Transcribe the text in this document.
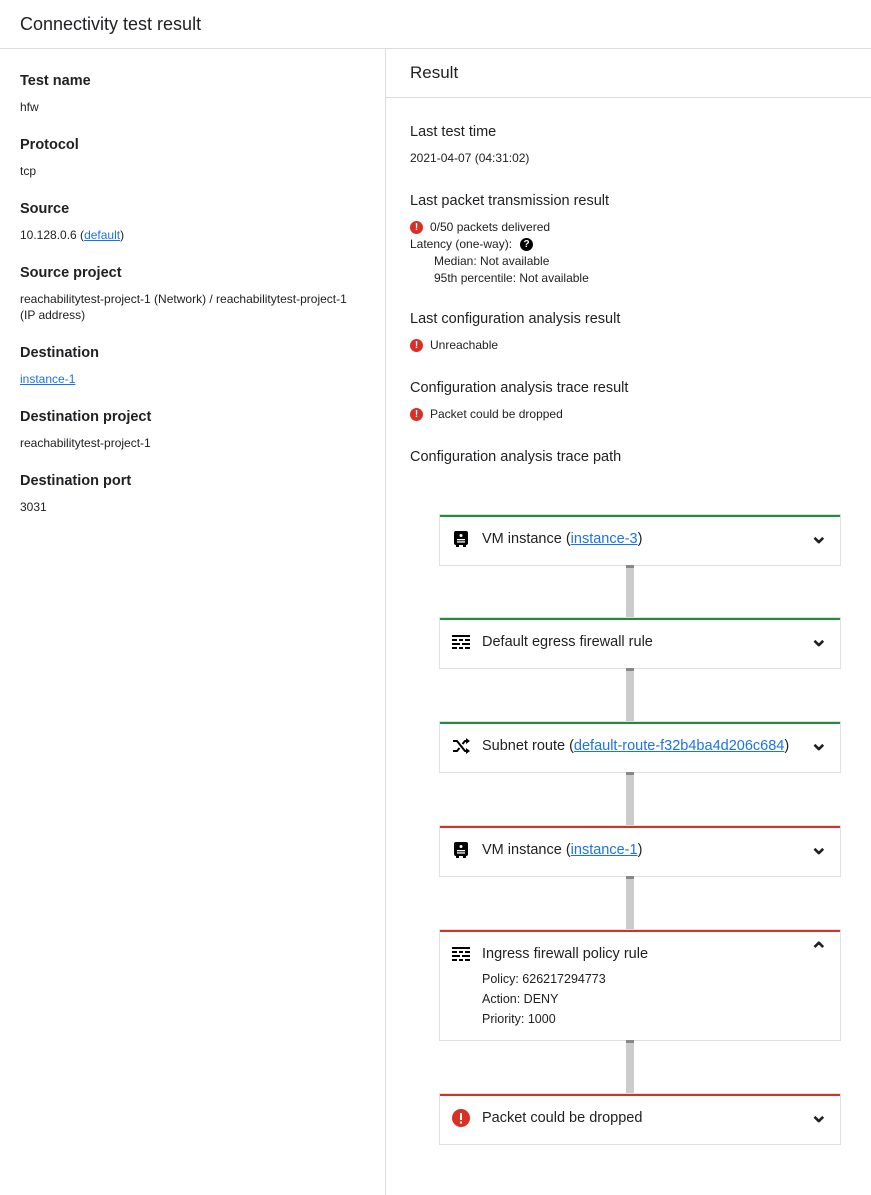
Connectivity test result
Test name
hfw
Protocol
tcp
Source
10.128.0.6 (default)
Source project
reachabilitytest-project-1 (Network) / reachabilitytest-project-1 (IP address)
Destination
instance-1
Destination project
reachabilitytest-project-1
Destination port
3031
Result
Last test time
2021-04-07 (04:31:02)
Last packet transmission result
! 0/50 packets delivered
Latency (one-way):	?
Median: Not available
95th percentile: Not available
Last configuration analysis result
! Unreachable
Configuration analysis trace result
! Packet could be dropped
Configuration analysis trace path
VM instance (instance-3)	⌄
Default egress firewall rule	⌄
Subnet route (default-route-f32b4ba4d206c684) ⌄
VM instance (instance-1)	⌄
Ingress firewall policy rule	⌃
Policy: 626217294773
Action: DENY
Priority: 1000
Packet could be dropped	⌄
